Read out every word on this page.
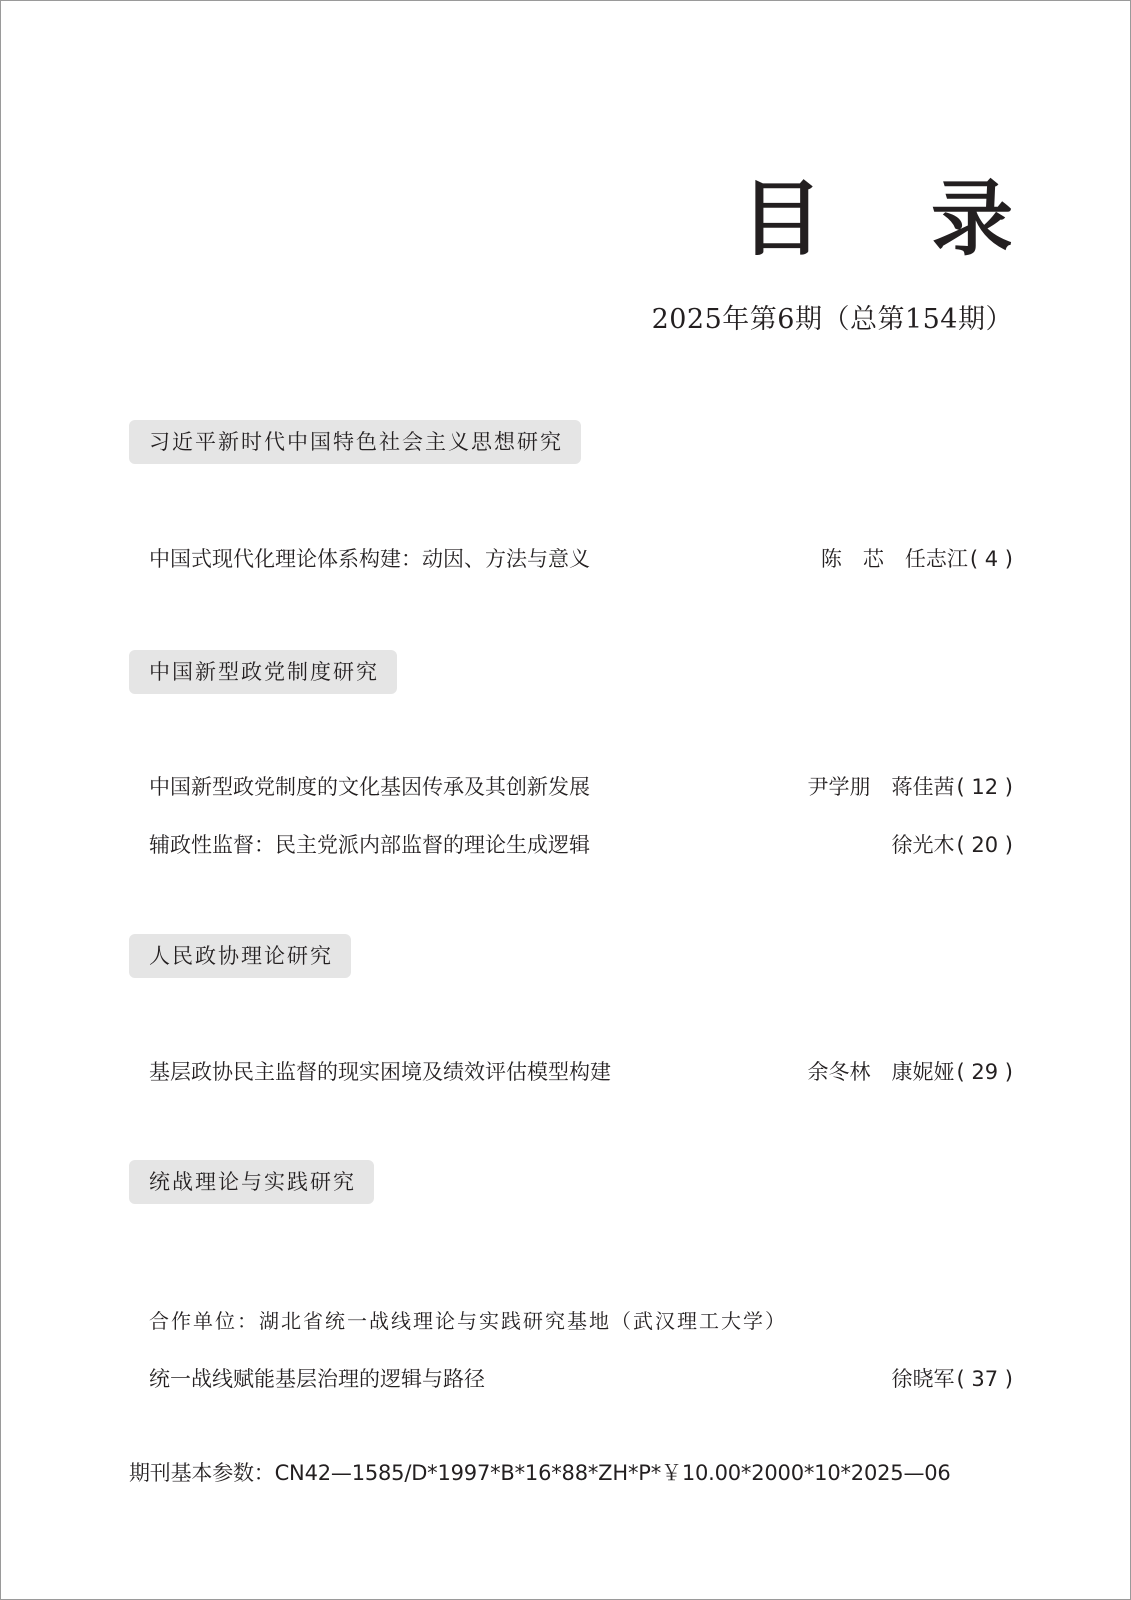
目 录
2025年第6期（总第154期）
习近平新时代中国特色社会主义思想研究
中国式现代化理论体系构建：动因、方法与意义	陈　芯　任志江( 4 )
中国新型政党制度研究
中国新型政党制度的文化基因传承及其创新发展	尹学朋　蒋佳茜( 12 )
辅政性监督：民主党派内部监督的理论生成逻辑	徐光木( 20 )
人民政协理论研究
基层政协民主监督的现实困境及绩效评估模型构建	余冬林　康妮娅( 29 )
统战理论与实践研究
合作单位：湖北省统一战线理论与实践研究基地（武汉理工大学）
统一战线赋能基层治理的逻辑与路径	徐晓军( 37 )
期刊基本参数：CN42—1585/D*1997*B*16*88*ZH*P*￥10.00*2000*10*2025—06
